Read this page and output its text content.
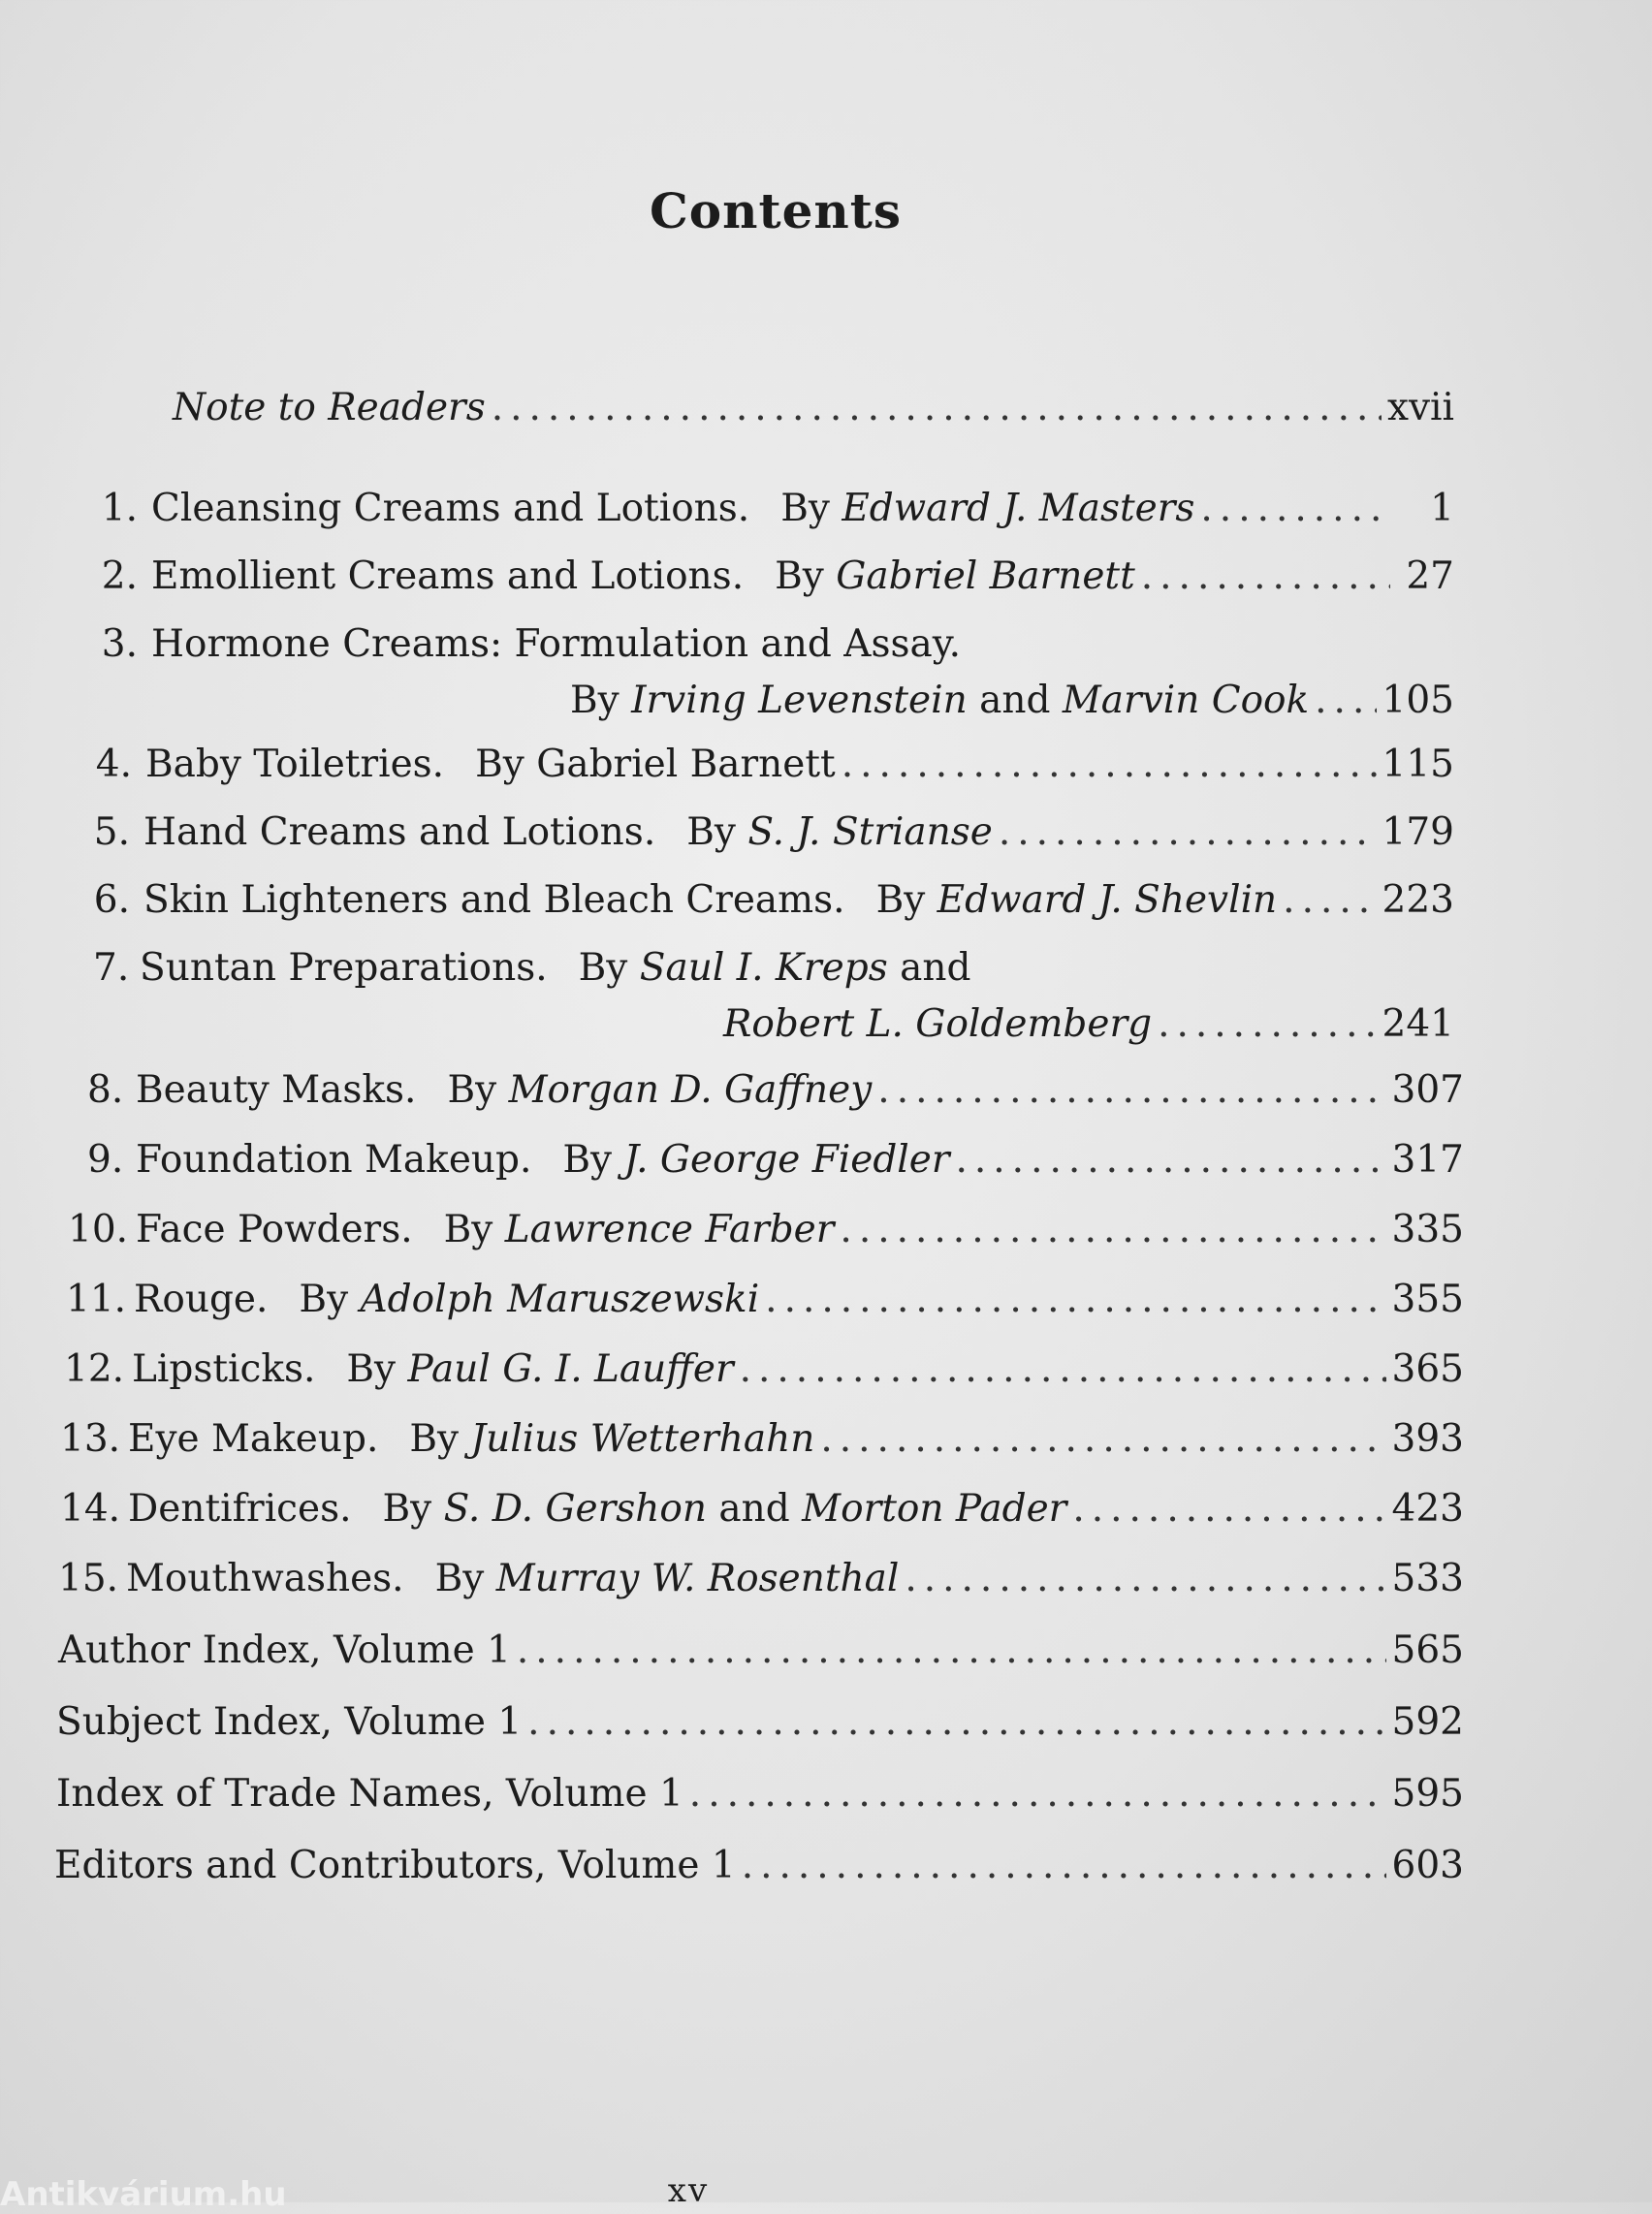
Contents
Note to Readers .....	xvii
1. Cleansing Creams and Lotions. By
Edward J. Masters .....	1
2. Emollient Creams and Lotions. By
Gabriel Barnett .....	27
3. Hormone Creams: Formulation and Assay.
By
Irving Levenstein
and
Marvin Cook ..... 105
4. Baby Toiletries. By
Gabriel Barnett .....	115
5. Hand Creams and Lotions. By
S. J. Strianse .....	179
6. Skin Lighteners and Bleach Creams. By
Edward J. Shevlin .....	223
7. Suntan Preparations. By
Saul I. Kreps
and
Robert L. Goldemberg .....	241
8. Beauty Masks. By
Morgan D. Gaffney .....	307
9. Foundation Makeup. By
J. George Fiedler .....	317
10. Face Powders. By
Lawrence Farber .....	335
11. Rouge. By
Adolph Maruszewski .....	355
12. Lipsticks. By
Paul G. I. Lauffer .....	365
13. Eye Makeup. By
Julius Wetterhahn .....	393
14. Dentifrices. By
S. D. Gershon
and
Morton Pader .....	423
15. Mouthwashes. By
Murray W. Rosenthal .....	533
Author Index, Volume 1 .....	565
Subject Index, Volume 1 .....	592
Index of Trade Names, Volume 1 .....	595
Editors and Contributors, Volume 1 .....	603
xv
Antikvárium.hu
